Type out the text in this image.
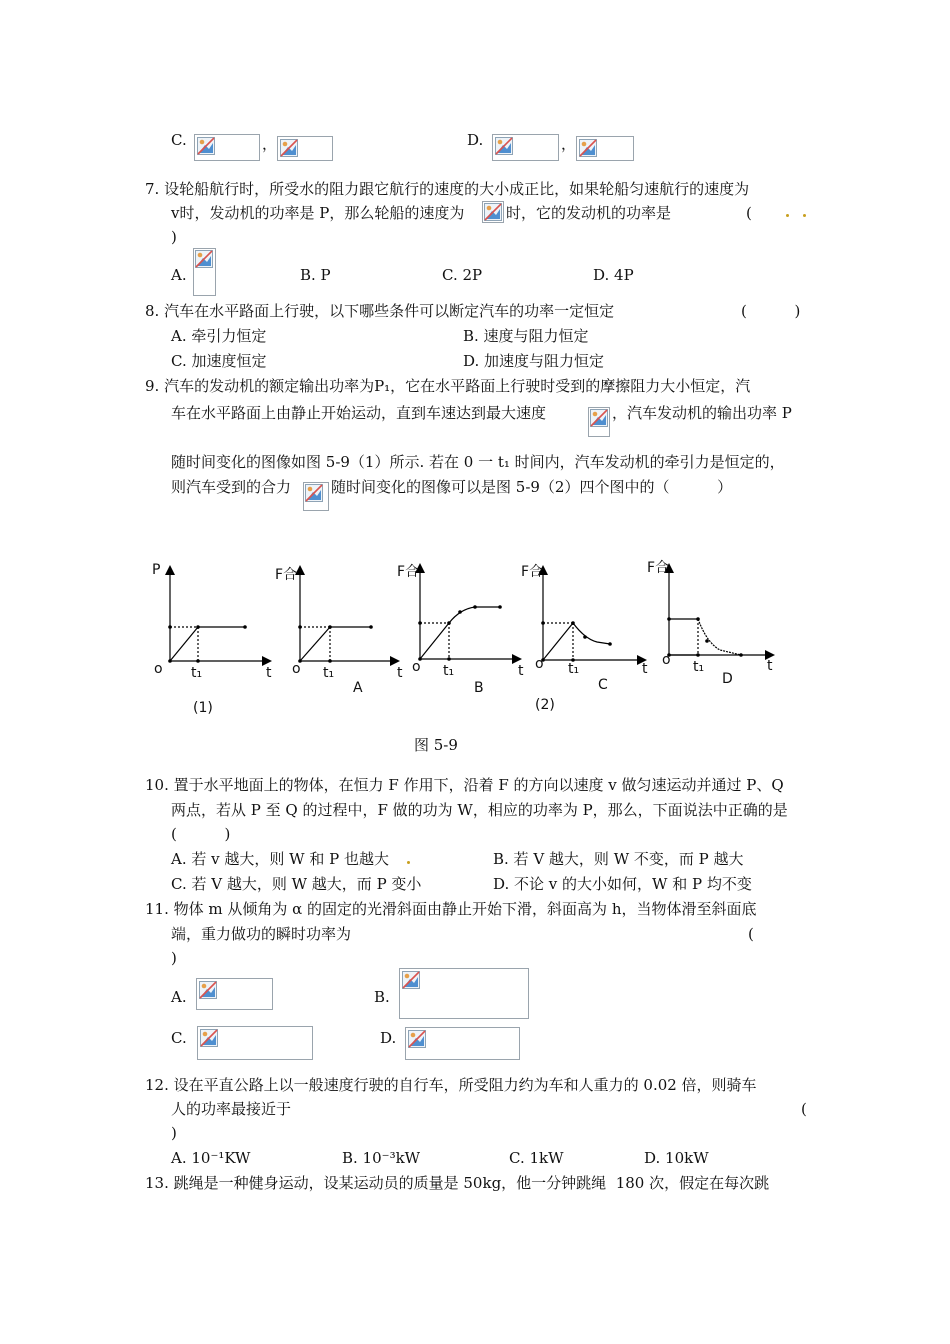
C.	，	D.	，
7. 设轮船航行时，所受水的阻力跟它航行的速度的大小成正比，如果轮船匀速航行的速度为
v时，发动机的功率是 P，那么轮船的速度为	时，它的发动机的功率是	(
)
A.	B. P	C. 2P	D. 4P
8. 汽车在水平路面上行驶，以下哪些条件可以断定汽车的功率一定恒定	(          )
A. 牵引力恒定	B. 速度与阻力恒定
C. 加速度恒定	D. 加速度与阻力恒定
9. 汽车的发动机的额定输出功率为P₁，它在水平路面上行驶时受到的摩擦阻力大小恒定，汽
车在水平路面上由静止开始运动，直到车速达到最大速度	，汽车发动机的输出功率 P
随时间变化的图像如图 5-9（1）所示. 若在 0 一 t₁ 时间内，汽车发动机的牵引力是恒定的，
则汽车受到的合力	随时间变化的图像可以是图 5-9（2）四个图中的（          ）
P
o t₁	t
(1)
F合
o t₁	t
A
F合
o t₁	t
B
F合
o t₁	t
C
(2)
F合
o t₁	t
D
图 5-9
10. 置于水平地面上的物体，在恒力 F 作用下，沿着 F 的方向以速度 v 做匀速运动并通过 P、Q
两点，若从 P 至 Q 的过程中，F 做的功为 W，相应的功率为 P，那么，下面说法中正确的是
(          )
A. 若 v 越大，则 W 和 P 也越大	B. 若 V 越大，则 W 不变，而 P 越大
C. 若 V 越大，则 W 越大，而 P 变小	D. 不论 v 的大小如何，W 和 P 均不变
11. 物体 m 从倾角为 α 的固定的光滑斜面由静止开始下滑，斜面高为 h，当物体滑至斜面底
端，重力做功的瞬时功率为	(
)
A.	B.
C.	D.
12. 设在平直公路上以一般速度行驶的自行车，所受阻力约为车和人重力的 0.02 倍，则骑车
人的功率最接近于	(
)
A. 10⁻¹KW	B. 10⁻³kW	C. 1kW	D. 10kW
13. 跳绳是一种健身运动，设某运动员的质量是 50kg，他一分钟跳绳  180 次，假定在每次跳
